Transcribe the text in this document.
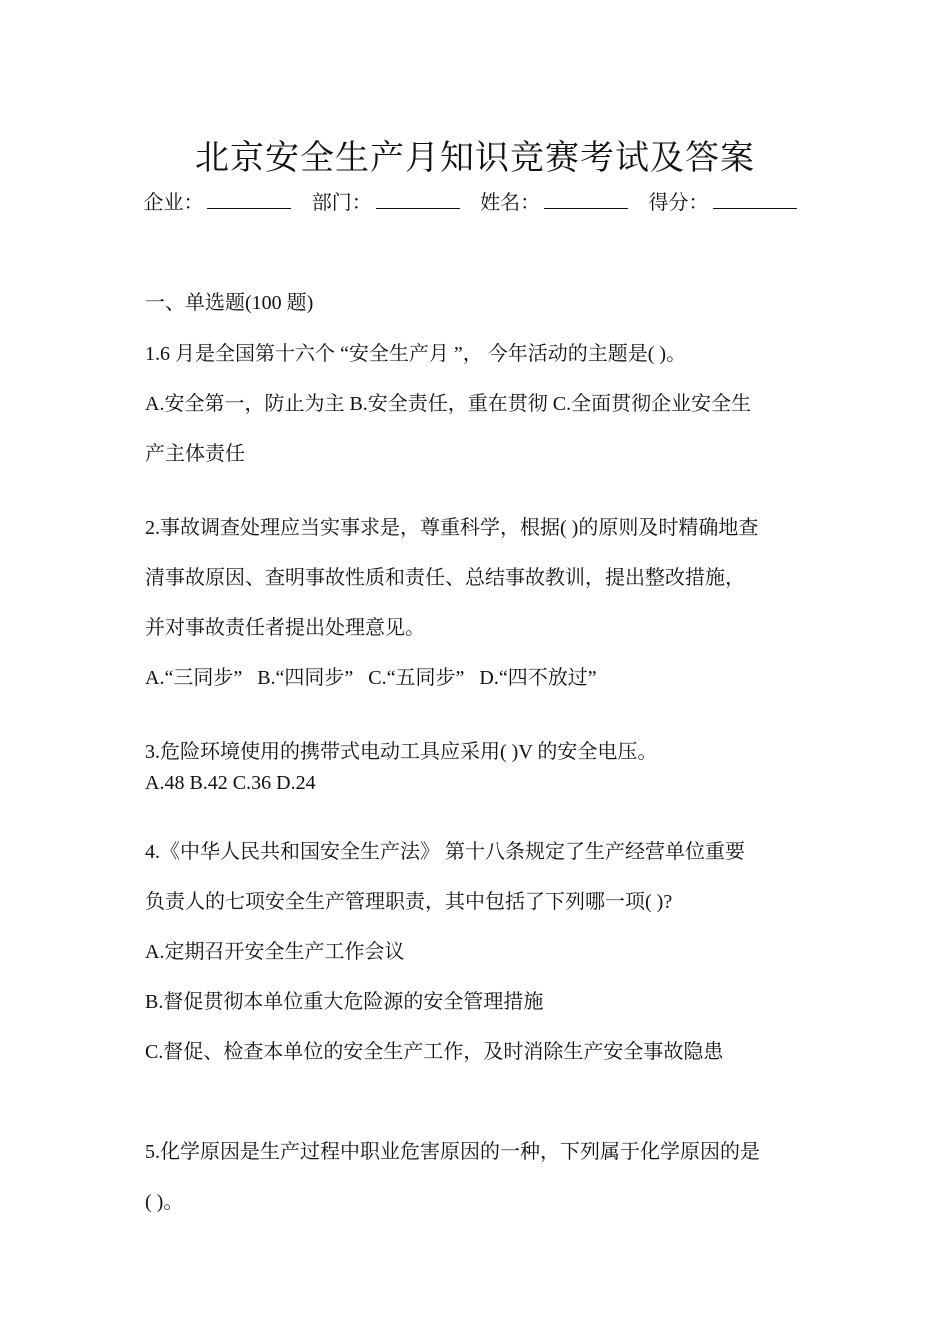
北京安全生产月知识竞赛考试及答案
企业：	部门：	姓名：	得分：
一、单选题(100 题)
1.6 月是全国第十六个 “安全生产月 ”， 今年活动的主题是( )。
A.安全第一，防止为主 B.安全责任，重在贯彻 C.全面贯彻企业安全生
产主体责任
2.事故调查处理应当实事求是，尊重科学，根据( )的原则及时精确地查
清事故原因、查明事故性质和责任、总结事故教训，提出整改措施，
并对事故责任者提出处理意见。
A.“三同步”   B.“四同步”   C.“五同步”   D.“四不放过”
3.危险环境使用的携带式电动工具应采用( )V 的安全电压。
A.48 B.42 C.36 D.24
4.《中华人民共和国安全生产法》 第十八条规定了生产经营单位重要
负责人的七项安全生产管理职责，其中包括了下列哪一项( )?
A.定期召开安全生产工作会议
B.督促贯彻本单位重大危险源的安全管理措施
C.督促、检查本单位的安全生产工作，及时消除生产安全事故隐患
5.化学原因是生产过程中职业危害原因的一种，下列属于化学原因的是
( )。
